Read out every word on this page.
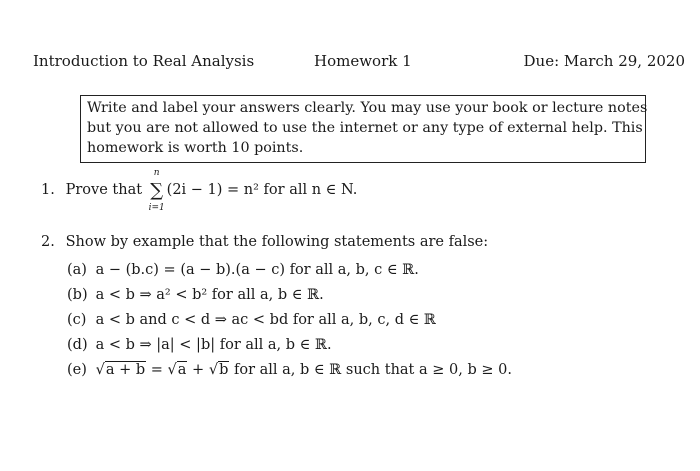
Introduction to Real Analysis	Homework 1	Due: March 29, 2020
Write and label your answers clearly. You may use your book or lecture notes
but you are not allowed to use the internet or any type of external help. This
homework is worth 10 points.
1. Prove that ∑
n
i=1
(2i − 1) = n² for all n ∈ N.
2. Show by example that the following statements are false:
(a) a − (b.c) = (a − b).(a − c) for all a, b, c ∈ ℝ.
(b) a < b ⇒ a² < b² for all a, b ∈ ℝ.
(c) a < b and c < d ⇒ ac < bd for all a, b, c, d ∈ ℝ
(d) a < b ⇒ |a| < |b| for all a, b ∈ ℝ.
(e) √a + b = √a + √b for all a, b ∈ ℝ such that a ≥ 0, b ≥ 0.
